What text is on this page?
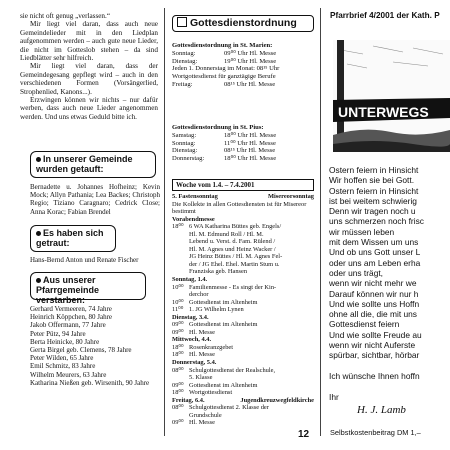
sie nicht oft genug „verlassen.“

Mir liegt viel daran, dass auch neue Gemeindelieder mit in den Liedplan aufgenommen werden – auch gute neue Lieder, die nicht im Gotteslob stehen – da sind Liedblätter sehr hilfreich.

Mir liegt viel daran, dass der Gemeindegesang gepflegt wird – auch in den verschiedenen Formen (Vorsängerlied, Strophenlied, Kanons...).

Erzwingen können wir nichts – nur dafür werben, dass auch neue Lieder angenommen werden. Und uns etwas Geduld bitte ich.

In unserer Gemeinde wurden getauft:
Bernadette u. Johannes Hofheinz; Kevin Mock; Allyn Pathania; Lea Backes; Christoph Regio; Tiziano Caragnaro; Cedrick Close; Anna Korac; Fabian Brendel
Es haben sich getraut:
Hans-Bernd Anton und Renate Fischer
Aus unserer Pfarrgemeinde verstarben:
Gerhard Vermeeren, 74 Jahre
Heinrich Köppchen, 80 Jahre
Jakob Offermann, 77 Jahre
Peter Pütz, 94 Jahre
Berta Heinicke, 80 Jahre
Gerta Birgel geb. Clemens, 78 Jahre
Peter Wilden, 65 Jahre
Emil Schmitz, 83 Jahre
Wilhelm Meurers, 63 Jahre
Katharina Nießen geb. Wirsenith, 90 Jahre
Gottesdienstordnung
Gottesdienstordnung in St. Marien:
Sonntag:	09⁰⁰ Uhr Hl. Messe
Dienstag:	19⁰⁰ Uhr Hl. Messe
Jeden 1. Donnerstag im Monat: 08¹⁵ Uhr
Wortgottesdienst für ganztägige Berufe
Freitag:	08¹⁵ Uhr Hl. Messe
Gottesdienstordnung in St. Pius:
Samstag:	18⁰⁰ Uhr Hl. Messe
Sonntag:	11⁰⁰ Uhr Hl. Messe
Dienstag:	08¹⁵ Uhr Hl. Messe
Donnerstag:	18⁰⁰ Uhr Hl. Messe
Woche vom 1.4. – 7.4.2001
5. Fastensonntag	Misereorsonntag
Die Kollekte in allen Gottesdiensten ist für Misereor bestimmt
Vorabendmesse
18⁰⁰ 6 WA Katharina Büttes geb. Engels/
Hl. M. Edmund Roll / Hl. M.
Lebend u. Verst. d. Fam. Rülend /
Hl. M. Agnes und Heinz Wacker /
JG Heinz Büttes / Hl. M. Agnes Fel-
der / JG Ehel. Ehel. Martin Stum u.
Franziska geb. Hansen
Sonntag, 1.4.
10⁰⁰ Familienmesse - Es singt der Kin-
derchor
10⁰⁰ Gottesdienst im Altenheim
11⁰⁰ 1. JG Wilhelm Lynen
Dienstag, 3.4.
09⁰⁰ Gottesdienst im Altenheim
09⁰⁰ Hl. Messe
Mittwoch, 4.4.
18⁰⁰ Rosenkranzgebet
18⁰⁰ Hl. Messe
Donnerstag, 5.4.
08⁰⁰ Schulgottesdienst der Realschule,
5. Klasse
09⁰⁰ Gottesdienst im Altenheim
18⁰⁰ Wortgottesdienst
Freitag, 6.4.	Jugendkreuzwegfeldkirche
08⁰⁰ Schulgottesdienst 2. Klasse der
Grundschule
09⁰⁰ Hl. Messe
12
Pfarrbrief 4/2001 der Kath. P
UNTERWEGS
Ostern feiern in Hinsicht
Wir hoffen sie bei Gott.
Ostern feiern in Hinsicht
ist bei weitem schwierig
Denn wir tragen noch u
uns schmerzen noch frisc
wir müssen leben
mit dem Wissen um uns
Und ob uns Gott unser L
oder uns am Leben erha
oder uns trägt,
wenn wir nicht mehr we
Darauf können wir nur h
Und wie sollte uns Hoffn
ohne all die, die mit uns
Gottesdienst feiern
Und wie sollte Freude au
wenn wir nicht Auferste
spürbar, sichtbar, hörbar
Ich wünsche Ihnen hoffn
Ihr
H. J. Lamb
Selbstkostenbeitrag DM 1,–
